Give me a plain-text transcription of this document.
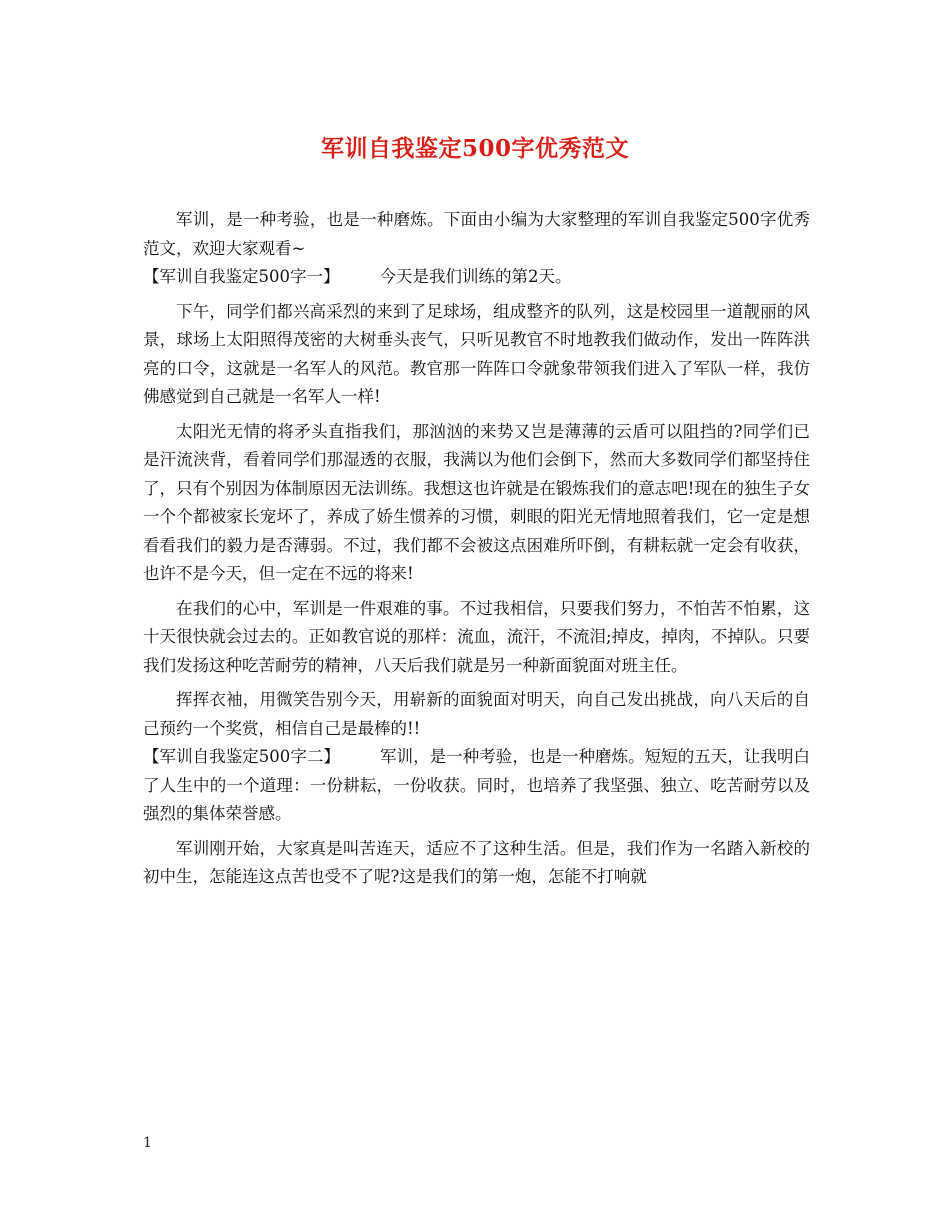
军训自我鉴定500字优秀范文

军训，是一种考验，也是一种磨炼。下面由小编为大家整理的军训自我鉴定500字优秀范文，欢迎大家观看~

【军训自我鉴定500字一】 今天是我们训练的第2天。

下午，同学们都兴高采烈的来到了足球场，组成整齐的队列，这是校园里一道靓丽的风景，球场上太阳照得茂密的大树垂头丧气，只听见教官不时地教我们做动作，发出一阵阵洪亮的口令，这就是一名军人的风范。教官那一阵阵口令就象带领我们进入了军队一样，我仿佛感觉到自己就是一名军人一样!

太阳光无情的将矛头直指我们，那汹汹的来势又岂是薄薄的云盾可以阻挡的?同学们已是汗流浃背，看着同学们那湿透的衣服，我满以为他们会倒下，然而大多数同学们都坚持住了，只有个别因为体制原因无法训练。我想这也许就是在锻炼我们的意志吧!现在的独生子女一个个都被家长宠坏了，养成了娇生惯养的习惯，刺眼的阳光无情地照着我们，它一定是想看看我们的毅力是否薄弱。不过，我们都不会被这点困难所吓倒，有耕耘就一定会有收获，也许不是今天，但一定在不远的将来!

在我们的心中，军训是一件艰难的事。不过我相信，只要我们努力，不怕苦不怕累，这十天很快就会过去的。正如教官说的那样：流血，流汗，不流泪;掉皮，掉肉，不掉队。只要我们发扬这种吃苦耐劳的精神，八天后我们就是另一种新面貌面对班主任。

挥挥衣袖，用微笑告别今天，用崭新的面貌面对明天，向自己发出挑战，向八天后的自己预约一个奖赏，相信自己是最棒的!!

【军训自我鉴定500字二】 军训，是一种考验，也是一种磨炼。短短的五天，让我明白了人生中的一个道理：一份耕耘，一份收获。同时，也培养了我坚强、独立、吃苦耐劳以及强烈的集体荣誉感。

军训刚开始，大家真是叫苦连天，适应不了这种生活。但是，我们作为一名踏入新校的初中生，怎能连这点苦也受不了呢?这是我们的第一炮，怎能不打响就

1
